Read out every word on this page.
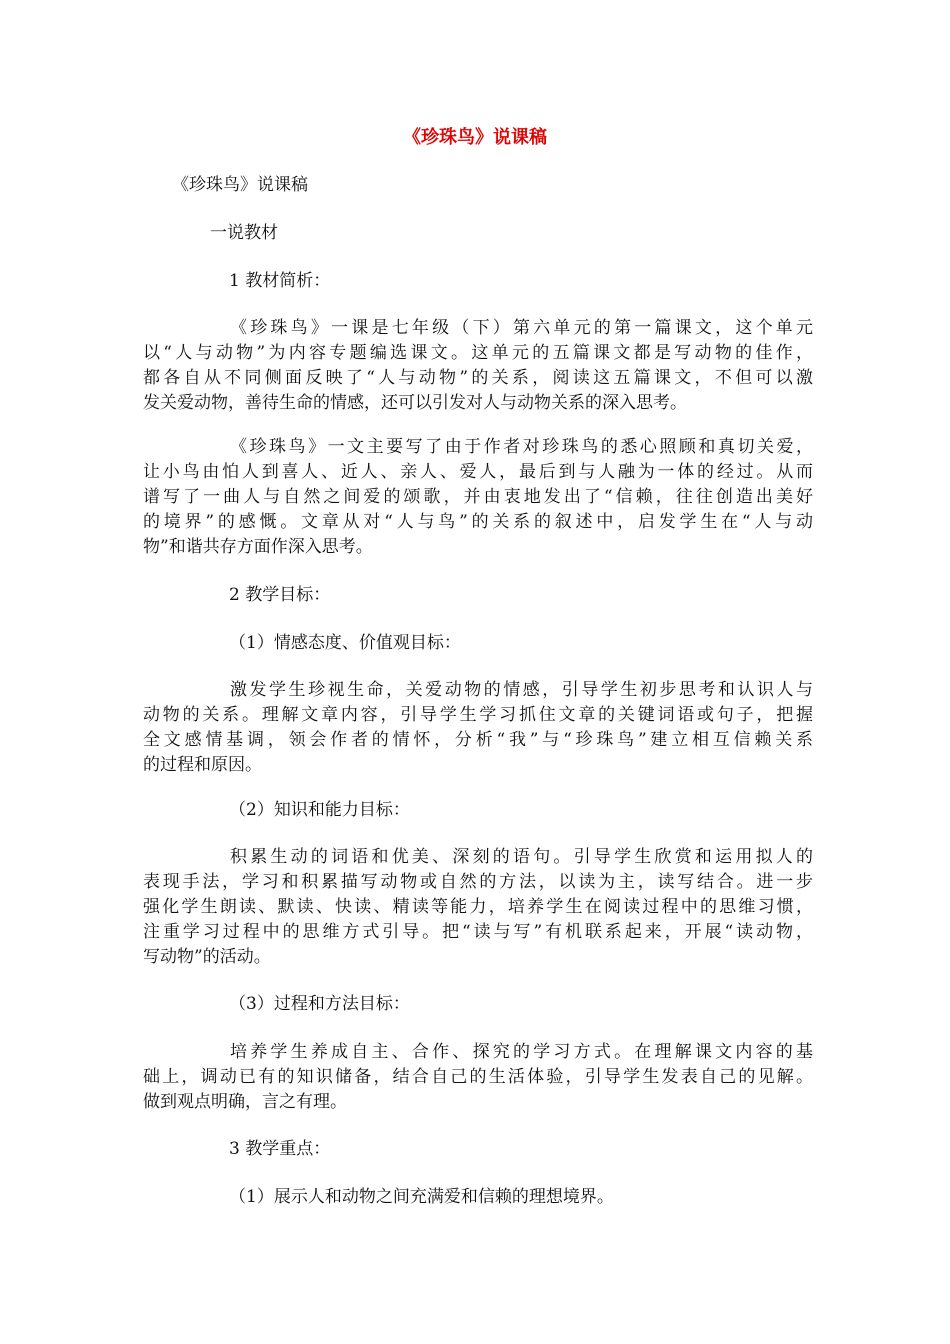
《珍珠鸟》说课稿
《珍珠鸟》说课稿
一说教材
1 教材简析：
《珍珠鸟》一课是七年级（下）第六单元的第一篇课文，这个单元
以“人与动物”为内容专题编选课文。这单元的五篇课文都是写动物的佳作，
都各自从不同侧面反映了“人与动物”的关系，阅读这五篇课文，不但可以激
发关爱动物，善待生命的情感，还可以引发对人与动物关系的深入思考。
《珍珠鸟》一文主要写了由于作者对珍珠鸟的悉心照顾和真切关爱，
让小鸟由怕人到喜人、近人、亲人、爱人，最后到与人融为一体的经过。从而
谱写了一曲人与自然之间爱的颂歌，并由衷地发出了“信赖，往往创造出美好
的境界”的感慨。文章从对“人与鸟”的关系的叙述中，启发学生在“人与动
物”和谐共存方面作深入思考。
2 教学目标：
（1）情感态度、价值观目标：
激发学生珍视生命，关爱动物的情感，引导学生初步思考和认识人与
动物的关系。理解文章内容，引导学生学习抓住文章的关键词语或句子，把握
全文感情基调，领会作者的情怀，分析“我”与“珍珠鸟”建立相互信赖关系
的过程和原因。
（2）知识和能力目标：
积累生动的词语和优美、深刻的语句。引导学生欣赏和运用拟人的
表现手法，学习和积累描写动物或自然的方法，以读为主，读写结合。进一步
强化学生朗读、默读、快读、精读等能力，培养学生在阅读过程中的思维习惯，
注重学习过程中的思维方式引导。把“读与写”有机联系起来，开展“读动物，
写动物”的活动。
（3）过程和方法目标：
培养学生养成自主、合作、探究的学习方式。在理解课文内容的基
础上，调动已有的知识储备，结合自己的生活体验，引导学生发表自己的见解。
做到观点明确，言之有理。
3 教学重点：
（1）展示人和动物之间充满爱和信赖的理想境界。
